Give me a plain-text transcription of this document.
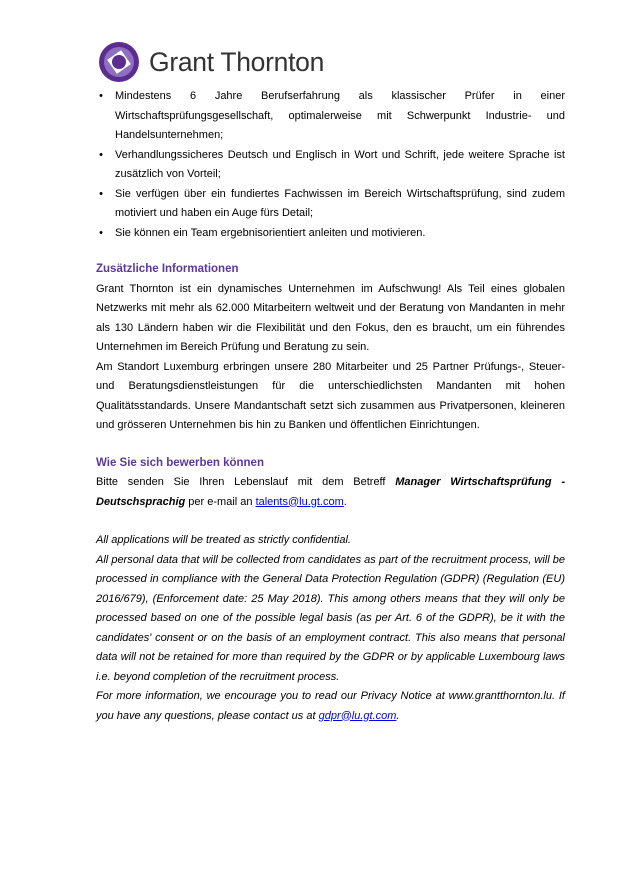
Grant Thornton
• Mindestens 6 Jahre Berufserfahrung als klassischer Prüfer in einer Wirtschaftsprüfungsgesellschaft, optimalerweise mit Schwerpunkt Industrie- und Handelsunternehmen;
• Verhandlungssicheres Deutsch und Englisch in Wort und Schrift, jede weitere Sprache ist zusätzlich von Vorteil;
• Sie verfügen über ein fundiertes Fachwissen im Bereich Wirtschaftsprüfung, sind zudem motiviert und haben ein Auge fürs Detail;
• Sie können ein Team ergebnisorientiert anleiten und motivieren.
Zusätzliche Informationen

Grant Thornton ist ein dynamisches Unternehmen im Aufschwung! Als Teil eines globalen Netzwerks mit mehr als 62.000 Mitarbeitern weltweit und der Beratung von Mandanten in mehr als 130 Ländern haben wir die Flexibilität und den Fokus, den es braucht, um ein führendes Unternehmen im Bereich Prüfung und Beratung zu sein.

Am Standort Luxemburg erbringen unsere 280 Mitarbeiter und 25 Partner Prüfungs-, Steuer- und Beratungsdienstleistungen für die unterschiedlichsten Mandanten mit hohen Qualitätsstandards. Unsere Mandantschaft setzt sich zusammen aus Privatpersonen, kleineren und grösseren Unternehmen bis hin zu Banken und öffentlichen Einrichtungen.

Wie Sie sich bewerben können

Bitte senden Sie Ihren Lebenslauf mit dem Betreff Manager Wirtschaftsprüfung - Deutschsprachig per e-mail an talents@lu.gt.com.

All applications will be treated as strictly confidential.

All personal data that will be collected from candidates as part of the recruitment process, will be processed in compliance with the General Data Protection Regulation (GDPR) (Regulation (EU) 2016/679), (Enforcement date: 25 May 2018). This among others means that they will only be processed based on one of the possible legal basis (as per Art. 6 of the GDPR), be it with the candidates' consent or on the basis of an employment contract. This also means that personal data will not be retained for more than required by the GDPR or by applicable Luxembourg laws i.e. beyond completion of the recruitment process.

For more information, we encourage you to read our Privacy Notice at www.grantthornton.lu. If you have any questions, please contact us at gdpr@lu.gt.com.
